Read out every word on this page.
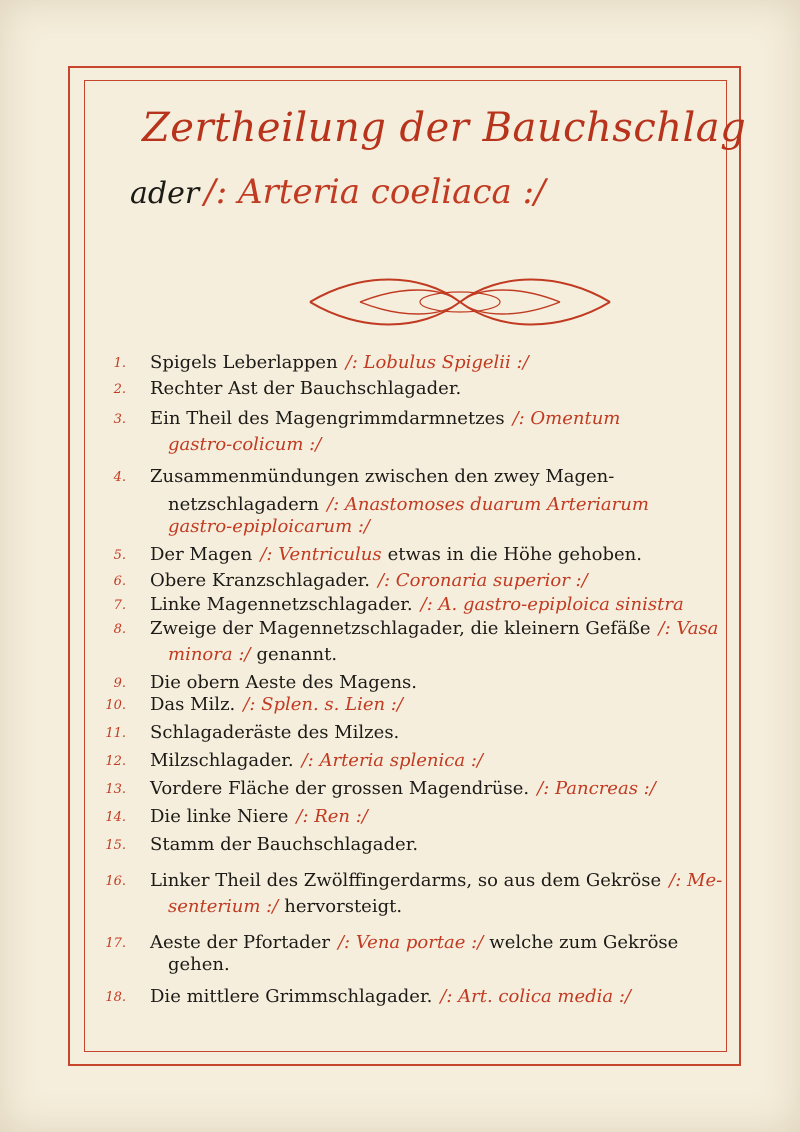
Zertheilung der Bauchschlag
ader /: Arteria coeliaca :/
1. Spigels Leberlappen /: Lobulus Spigelii :/
2. Rechter Ast der Bauchschlagader.
3. Ein Theil des Magengrimmdarmnetzes /: Omentum
gastro-colicum :/
4. Zusammenmündungen zwischen den zwey Magen-
netzschlagadern /: Anastomoses duarum Arteriarum
gastro-epiploicarum :/
5. Der Magen /: Ventriculus etwas in die Höhe gehoben.
6. Obere Kranzschlagader. /: Coronaria superior :/
7. Linke Magennetzschlagader. /: A. gastro-epiploica sinistra
8. Zweige der Magennetzschlagader, die kleinern Gefäße /: Vasa
minora :/ genannt.
9. Die obern Aeste des Magens.
10. Das Milz. /: Splen. s. Lien :/
11. Schlagaderäste des Milzes.
12. Milzschlagader. /: Arteria splenica :/
13. Vordere Fläche der grossen Magendrüse. /: Pancreas :/
14. Die linke Niere /: Ren :/
15. Stamm der Bauchschlagader.
16. Linker Theil des Zwölffingerdarms, so aus dem Gekröse /: Me-
senterium :/ hervorsteigt.
17. Aeste der Pfortader /: Vena portae :/ welche zum Gekröse
gehen.
18. Die mittlere Grimmschlagader. /: Art. colica media :/
